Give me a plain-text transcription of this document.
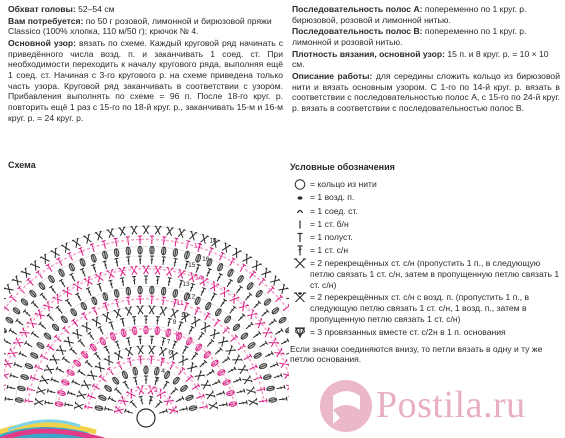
Обхват головы: 52–54 см

Вам потребуется: по 50 г розовой, лимонной и бирюзовой пряжи Classico (100% хлопка, 110 м/50 г); крючок № 4.

Основной узор: вязать по схеме. Каждый круговой ряд начинать с приведённого числа возд. п. и заканчивать 1 соед. ст. При необходимости переходить к началу кругового ряда, выполняя ещё 1 соед. ст. Начиная с 3-го кругового р. на схеме приведена только часть узора. Круговой ряд заканчивать в соответствии с узором. Прибавления выполнять по схеме = 96 п. После 18-го круг. р. повторить ещё 1 раз с 15-го по 18-й круг. р., заканчивать 15-м и 16-м круг. р. = 24 круг. р.

Последовательность полос А: попеременно по 1 круг. р. бирюзовой, розовой и лимонной нитью.

Последовательность полос В: попеременно по 1 круг. р. лимонной и розовой нитью.

Плотность вязания, основной узор: 15 п. и 8 круг. р. = 10 × 10 см.

Описание работы: для середины сложить кольцо из бирюзовой нити и вязать основным узором. С 1-го по 14-й круг. р. вязать в соответствии с последовательностью полос А, с 15-го по 24-й круг. р. вязать в соответствии с последовательностью полос В.

1
2
3
4
5
6
7
8
9
10
11
12
13
14
15
16
17
18
Схема	Условные обозначения
= кольцо из нити
= 1 возд. п.
= 1 соед. ст.
= 1 ст. б/н
= 1 полуст.
= 1 ст. с/н
= 2 перекрещённых ст. с/н (пропустить 1 п., в следующую петлю связать 1 ст. с/н, затем в пропущенную петлю связать 1 ст. с/н)
= 2 перекрещённых ст. с/н с возд. п. (пропустить 1 п., в следующую петлю связать 1 ст. с/н, 1 возд. п., затем в пропущенную петлю связать 1 ст. с/н)
= 3 провязанных вместе ст. с/2н в 1 п. основания
Если значки соединяются внизу, то петли вязать в одну и ту же петлю основания.
Postila.ru
